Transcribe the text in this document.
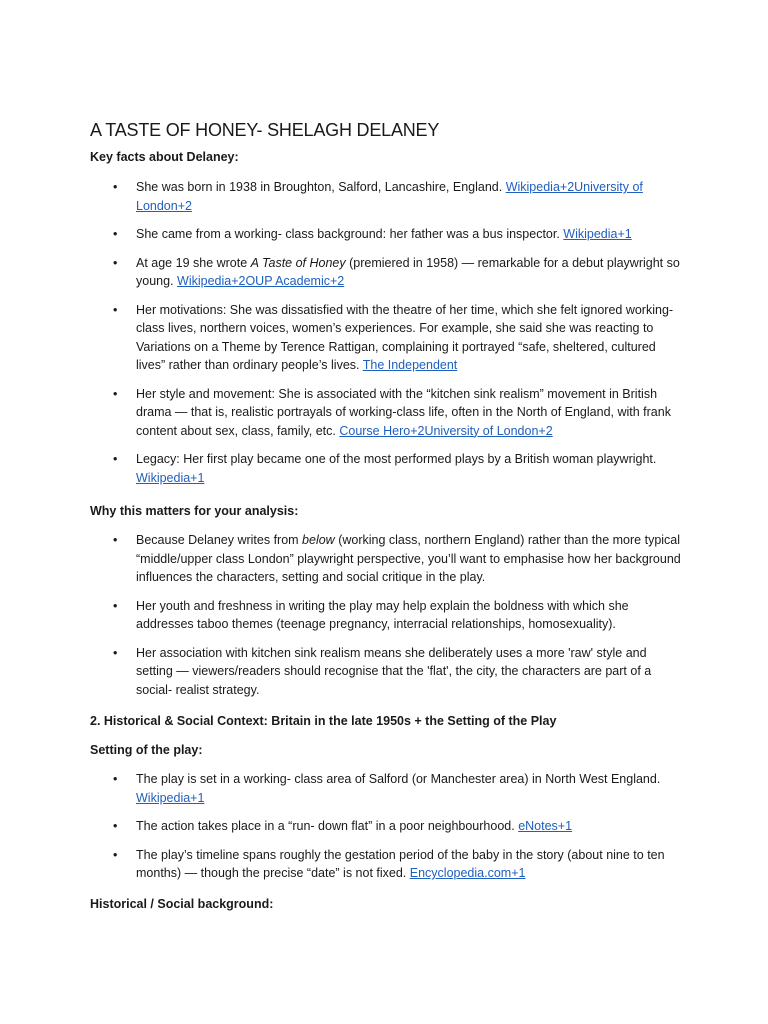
A TASTE OF HONEY- SHELAGH DELANEY

Key facts about Delaney:

•	She was born in 1938 in Broughton, Salford, Lancashire, England. Wikipedia+2University of London+2

•	She came from a working- class background: her father was a bus inspector. Wikipedia+1

•	At age 19 she wrote A Taste of Honey (premiered in 1958) — remarkable for a debut playwright so young. Wikipedia+2OUP Academic+2

•	Her motivations: She was dissatisfied with the theatre of her time, which she felt ignored working- class lives, northern voices, women’s experiences. For example, she said she was reacting to Variations on a Theme by Terence Rattigan, complaining it portrayed “safe, sheltered, cultured lives” rather than ordinary people’s lives. The Independent

•	Her style and movement: She is associated with the “kitchen sink realism” movement in British drama — that is, realistic portrayals of working-class life, often in the North of England, with frank content about sex, class, family, etc. Course Hero+2University of London+2

•	Legacy: Her first play became one of the most performed plays by a British woman playwright. Wikipedia+1

Why this matters for your analysis:

•	Because Delaney writes from below (working class, northern England) rather than the more typical “middle/upper class London” playwright perspective, you’ll want to emphasise how her background influences the characters, setting and social critique in the play.

•	Her youth and freshness in writing the play may help explain the boldness with which she addresses taboo themes (teenage pregnancy, interracial relationships, homosexuality).

•	Her association with kitchen sink realism means she deliberately uses a more 'raw' style and setting — viewers/readers should recognise that the 'flat', the city, the characters are part of a social- realist strategy.

2. Historical & Social Context: Britain in the late 1950s + the Setting of the Play

Setting of the play:

•	The play is set in a working- class area of Salford (or Manchester area) in North West England. Wikipedia+1

•	The action takes place in a “run- down flat” in a poor neighbourhood. eNotes+1

•	The play’s timeline spans roughly the gestation period of the baby in the story (about nine to ten months) — though the precise “date” is not fixed. Encyclopedia.com+1

Historical / Social background:
